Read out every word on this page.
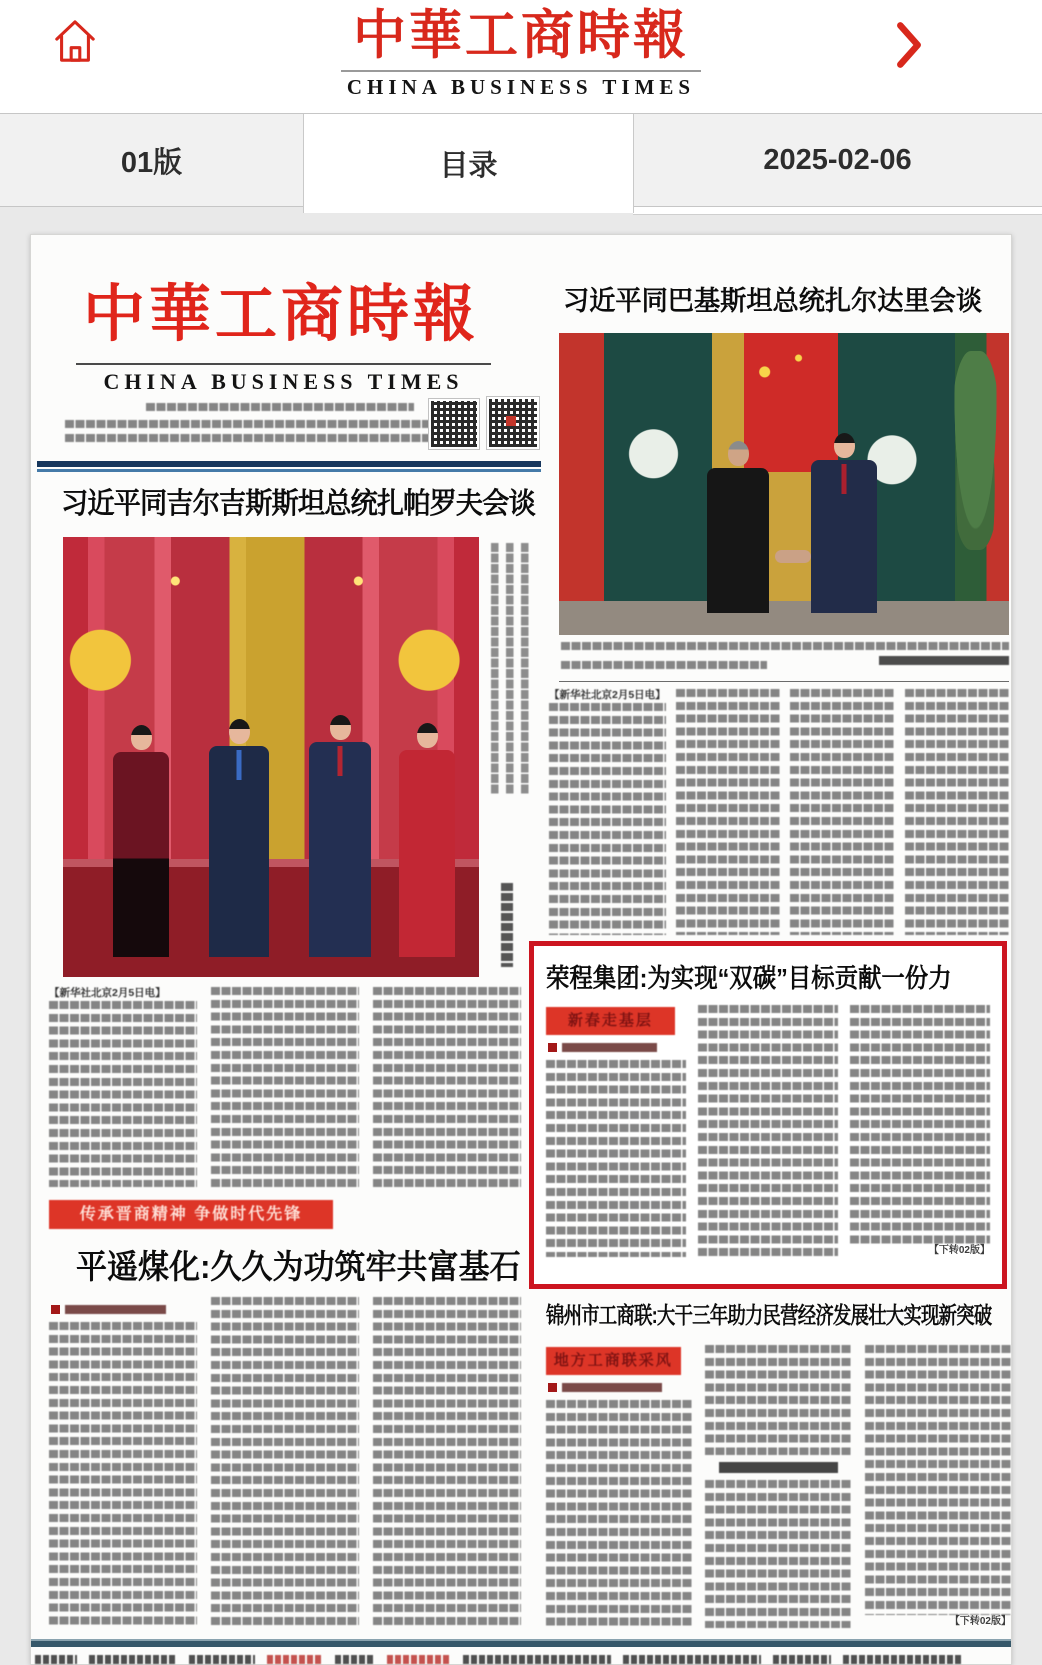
中華工商時報
CHINA BUSINESS TIMES
01版	目录	2025-02-06
中華工商時報
CHINA BUSINESS TIMES
习近平同吉尔吉斯斯坦总统扎帕罗夫会谈
【新华社北京2月5日电】
传承晋商精神 争做时代先锋
平遥煤化:久久为功筑牢共富基石
习近平同巴基斯坦总统扎尔达里会谈
【新华社北京2月5日电】
荣程集团:为实现“双碳”目标贡献一份力
新春走基层
【下转02版】
锦州市工商联:大干三年助力民营经济发展壮大实现新突破
地方工商联采风
【下转02版】
